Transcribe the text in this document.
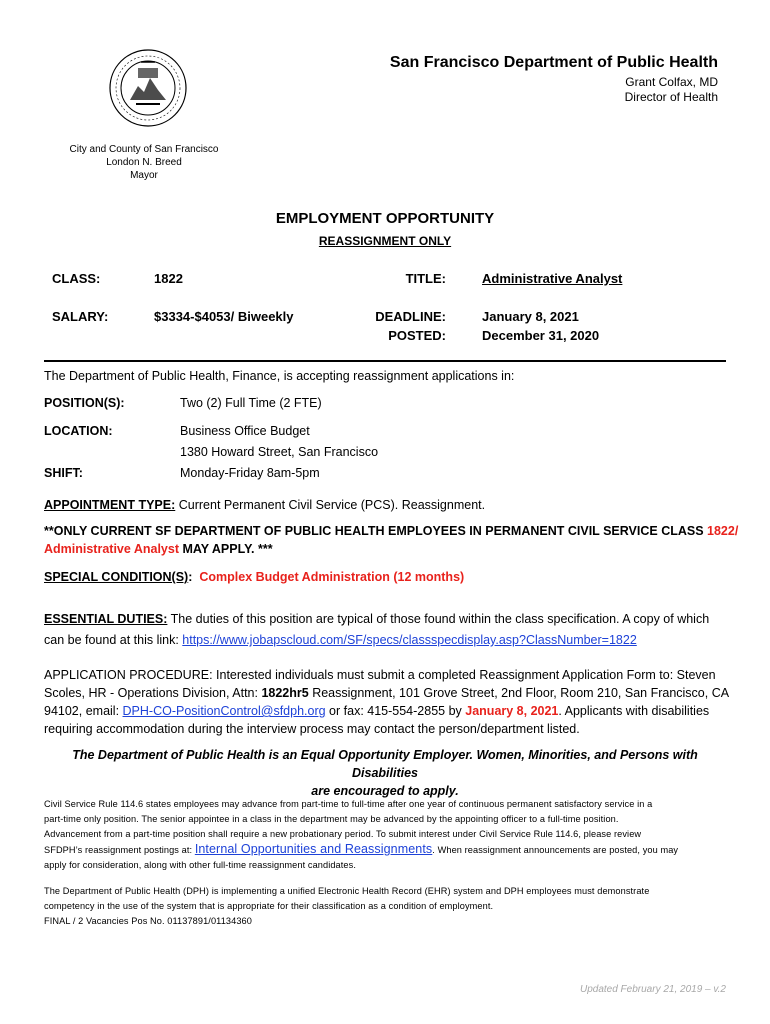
San Francisco Department of Public Health
Grant Colfax, MD
Director of Health
City and County of San Francisco
London N. Breed
Mayor
EMPLOYMENT OPPORTUNITY
REASSIGNMENT ONLY
CLASS:	1822	TITLE:	Administrative Analyst
SALARY:	$3334-$4053/ Biweekly	DEADLINE:	January 8, 2021
POSTED:	December 31, 2020
The Department of Public Health, Finance, is accepting reassignment applications in:
POSITION(S):	Two (2) Full Time (2 FTE)
LOCATION:	Business Office Budget
1380 Howard Street, San Francisco
SHIFT:	Monday-Friday 8am-5pm
APPOINTMENT TYPE: Current Permanent Civil Service (PCS). Reassignment.
**ONLY CURRENT SF DEPARTMENT OF PUBLIC HEALTH EMPLOYEES IN PERMANENT CIVIL SERVICE CLASS 1822/
Administrative Analyst MAY APPLY. ***
SPECIAL CONDITION(S): Complex Budget Administration (12 months)
ESSENTIAL DUTIES: The duties of this position are typical of those found within the class specification. A copy of which
can be found at this link: https://www.jobapscloud.com/SF/specs/classspecdisplay.asp?ClassNumber=1822
APPLICATION PROCEDURE: Interested individuals must submit a completed Reassignment Application Form to: Steven
Scoles, HR - Operations Division, Attn: 1822hr5 Reassignment, 101 Grove Street, 2nd Floor, Room 210, San Francisco, CA
94102, email: DPH-CO-PositionControl@sfdph.org or fax: 415-554-2855 by January 8, 2021. Applicants with disabilities
requiring accommodation during the interview process may contact the person/department listed.
The Department of Public Health is an Equal Opportunity Employer. Women, Minorities, and Persons with Disabilities
are encouraged to apply.
Civil Service Rule 114.6 states employees may advance from part-time to full-time after one year of continuous permanent satisfactory service in a
part-time only position. The senior appointee in a class in the department may be advanced by the appointing officer to a full-time position.
Advancement from a part-time position shall require a new probationary period. To submit interest under Civil Service Rule 114.6, please review
SFDPH’s reassignment postings at: Internal Opportunities and Reassignments. When reassignment announcements are posted, you may
apply for consideration, along with other full-time reassignment candidates.
The Department of Public Health (DPH) is implementing a unified Electronic Health Record (EHR) system and DPH employees must demonstrate
competency in the use of the system that is appropriate for their classification as a condition of employment.
FINAL / 2 Vacancies Pos No. 01137891/01134360
Updated February 21, 2019 – v.2
